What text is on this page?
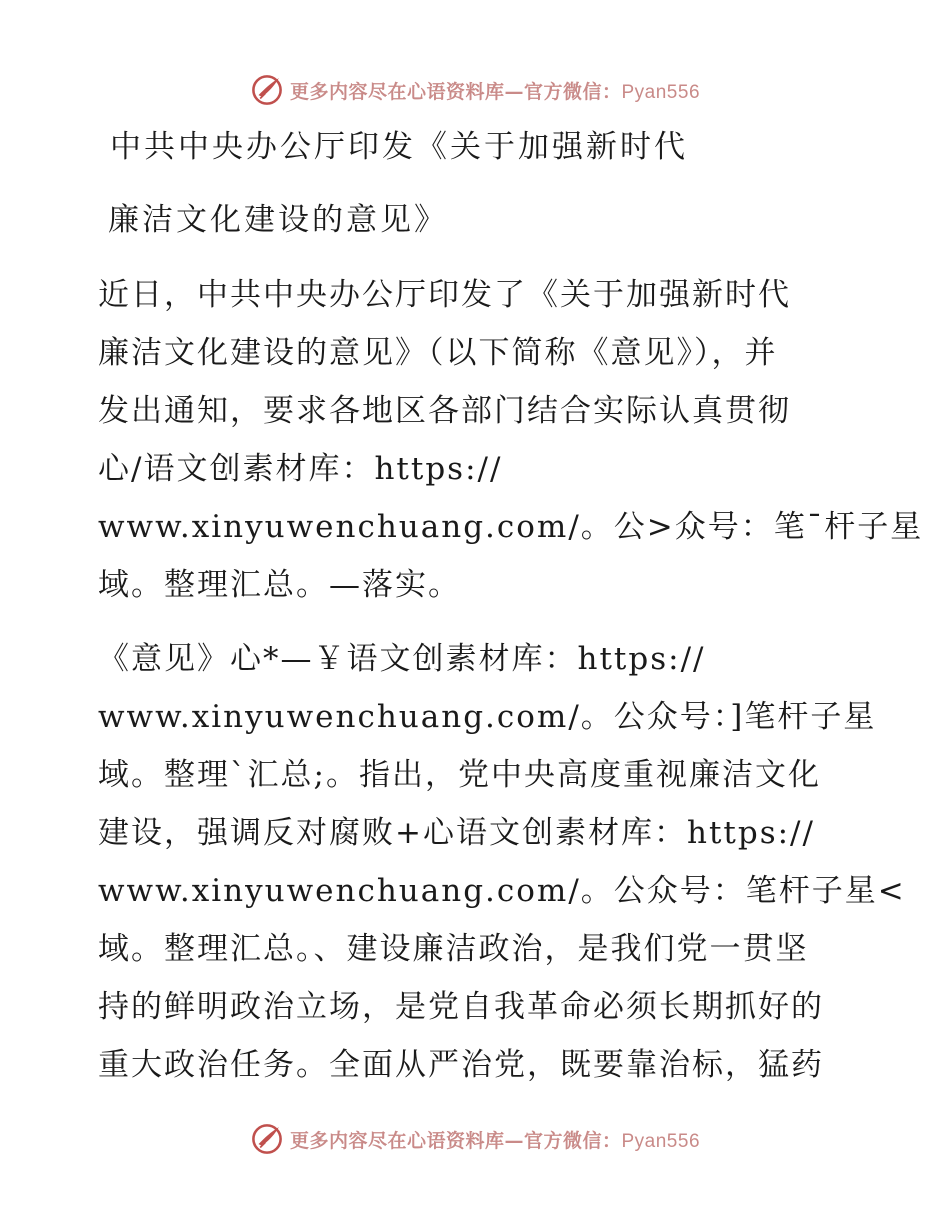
更多内容尽在心语资料库—官方微信：Pyan556
中共中央办公厅印发《关于加强新时代
廉洁文化建设的意见》
近日，中共中央办公厅印发了《关于加强新时代
廉洁文化建设的意见》（以下简称《意见》），并
发出通知，要求各地区各部门结合实际认真贯彻
心/语文创素材库：https://
www.xinyuwenchuang.com/。公>众号：笔¯杆子星
域。整理汇总。—落实。
《意见》心*—￥语文创素材库：https://
www.xinyuwenchuang.com/。公众号：]笔杆子星
域。整理`汇总;。指出，党中央高度重视廉洁文化
建设，强调反对腐败+心语文创素材库：https://
www.xinyuwenchuang.com/。公众号：笔杆子星<
域。整理汇总。、建设廉洁政治，是我们党一贯坚
持的鲜明政治立场，是党自我革命必须长期抓好的
重大政治任务。全面从严治党，既要靠治标，猛药
更多内容尽在心语资料库—官方微信：Pyan556
